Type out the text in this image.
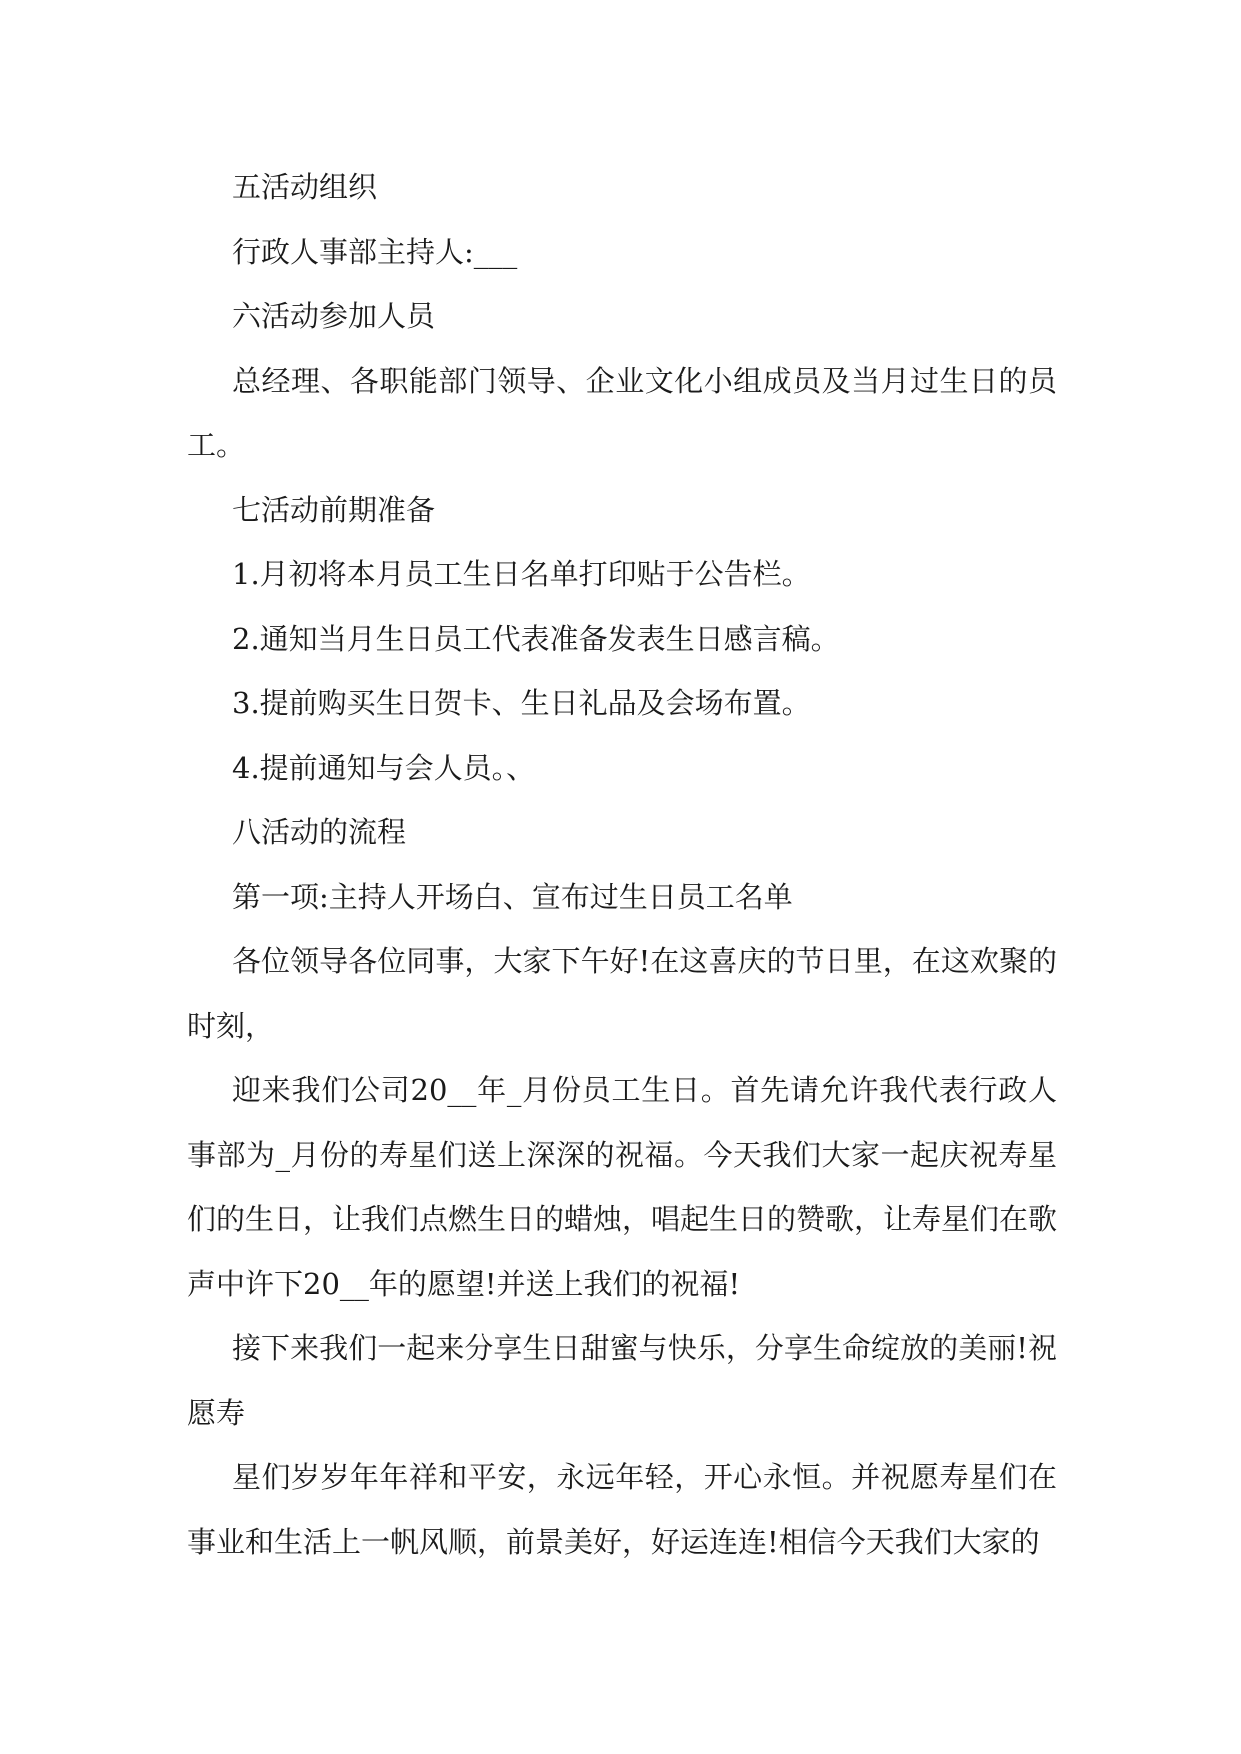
五活动组织

行政人事部主持人:___

六活动参加人员

总经理、各职能部门领导、企业文化小组成员及当月过生日的员工。

七活动前期准备

1.月初将本月员工生日名单打印贴于公告栏。

2.通知当月生日员工代表准备发表生日感言稿。

3.提前购买生日贺卡、生日礼品及会场布置。

4.提前通知与会人员。、

八活动的流程

第一项:主持人开场白、宣布过生日员工名单

各位领导各位同事，大家下午好!在这喜庆的节日里，在这欢聚的时刻，

迎来我们公司20__年_月份员工生日。首先请允许我代表行政人事部为_月份的寿星们送上深深的祝福。今天我们大家一起庆祝寿星们的生日，让我们点燃生日的蜡烛，唱起生日的赞歌，让寿星们在歌声中许下20__年的愿望!并送上我们的祝福!

接下来我们一起来分享生日甜蜜与快乐，分享生命绽放的美丽!祝愿寿

星们岁岁年年祥和平安，永远年轻，开心永恒。并祝愿寿星们在事业和生活上一帆风顺，前景美好，好运连连!相信今天我们大家的
